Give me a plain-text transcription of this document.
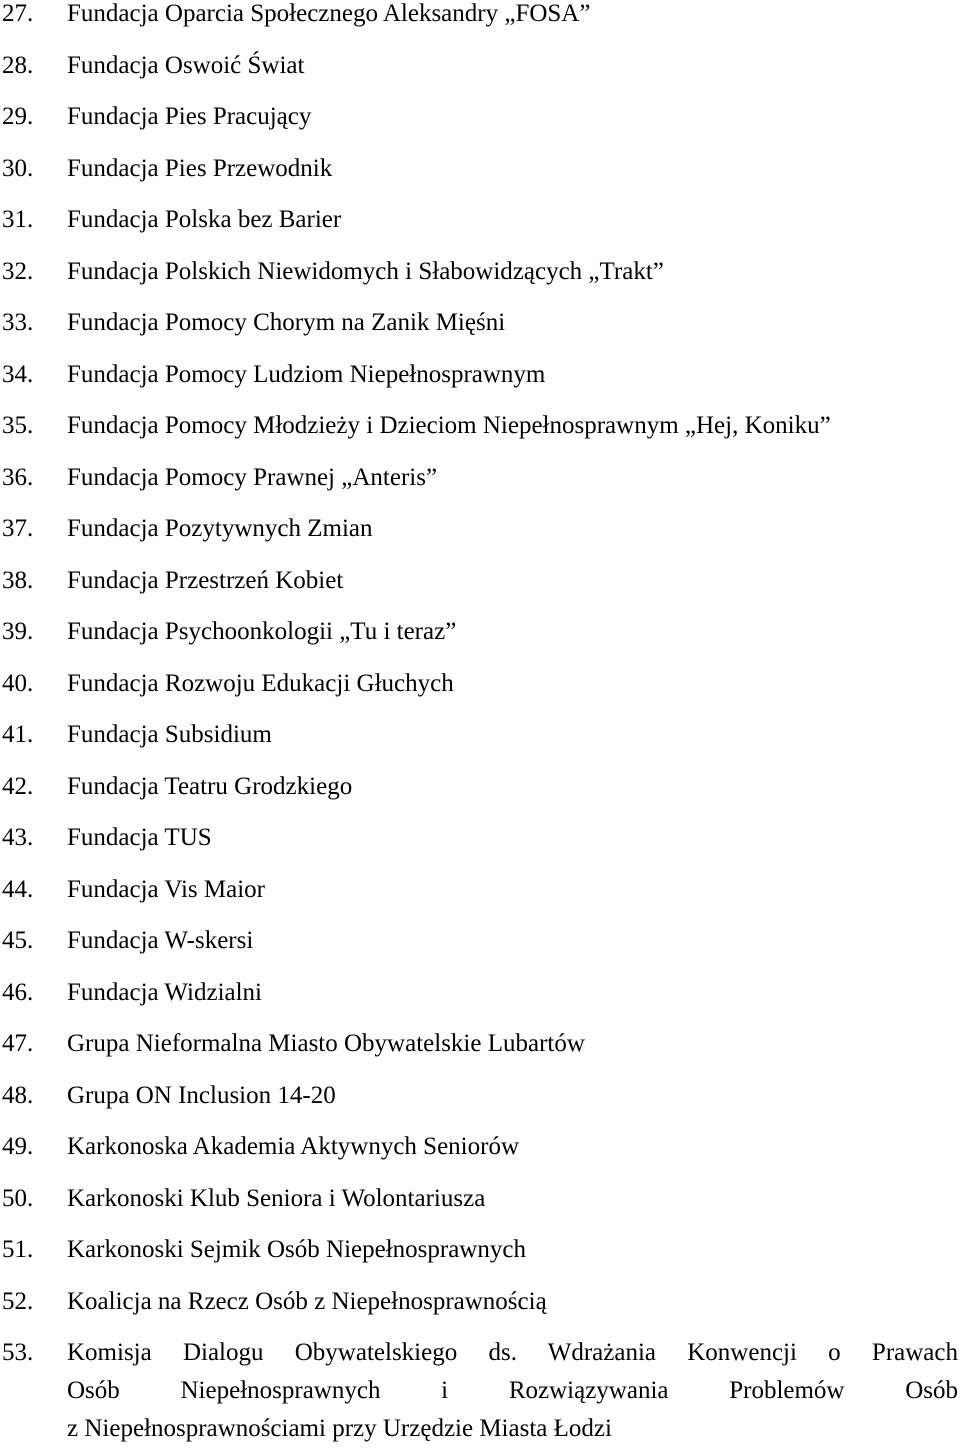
27.	Fundacja Oparcia Społecznego Aleksandry „FOSA”
28.	Fundacja Oswoić Świat
29.	Fundacja Pies Pracujący
30.	Fundacja Pies Przewodnik
31.	Fundacja Polska bez Barier
32.	Fundacja Polskich Niewidomych i Słabowidzących „Trakt”
33.	Fundacja Pomocy Chorym na Zanik Mięśni
34.	Fundacja Pomocy Ludziom Niepełnosprawnym
35.	Fundacja Pomocy Młodzieży i Dzieciom Niepełnosprawnym „Hej, Koniku”
36.	Fundacja Pomocy Prawnej „Anteris”
37.	Fundacja Pozytywnych Zmian
38.	Fundacja Przestrzeń Kobiet
39.	Fundacja Psychoonkologii „Tu i teraz”
40.	Fundacja Rozwoju Edukacji Głuchych
41.	Fundacja Subsidium
42.	Fundacja Teatru Grodzkiego
43.	Fundacja TUS
44.	Fundacja Vis Maior
45.	Fundacja W-skersi
46.	Fundacja Widzialni
47.	Grupa Nieformalna Miasto Obywatelskie Lubartów
48.	Grupa ON Inclusion 14-20
49.	Karkonoska Akademia Aktywnych Seniorów
50.	Karkonoski Klub Seniora i Wolontariusza
51.	Karkonoski Sejmik Osób Niepełnosprawnych
52.	Koalicja na Rzecz Osób z Niepełnosprawnością
53.	Komisja Dialogu Obywatelskiego ds. Wdrażania Konwencji o Prawach
Osób Niepełnosprawnych i Rozwiązywania Problemów Osób
z Niepełnosprawnościami przy Urzędzie Miasta Łodzi
